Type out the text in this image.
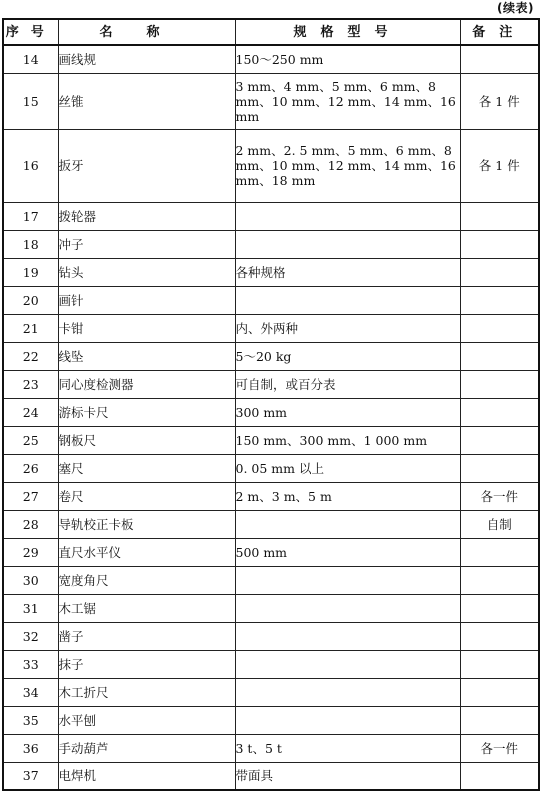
(续表)
序号	名称	规格型号	备注
14	画线规	150～250 mm	
15	丝锥	3 mm、4 mm、5 mm、6 mm、8 mm、10 mm、12 mm、14 mm、16 mm	各 1 件
16	扳牙	2 mm、2. 5 mm、5 mm、6 mm、8 mm、10 mm、12 mm、14 mm、16 mm、18 mm	各 1 件
17	拨轮器		
18	冲子		
19	钻头	各种规格	
20	画针		
21	卡钳	内、外两种	
22	线坠	5～20 kg	
23	同心度检测器	可自制，或百分表	
24	游标卡尺	300 mm	
25	钢板尺	150 mm、300 mm、1 000 mm	
26	塞尺	0. 05 mm 以上	
27	卷尺	2 m、3 m、5 m	各一件
28	导轨校正卡板		自制
29	直尺水平仪	500 mm	
30	宽度角尺		
31	木工锯		
32	凿子		
33	抹子		
34	木工折尺		
35	水平刨		
36	手动葫芦	3 t、5 t	各一件
37	电焊机	带面具	
